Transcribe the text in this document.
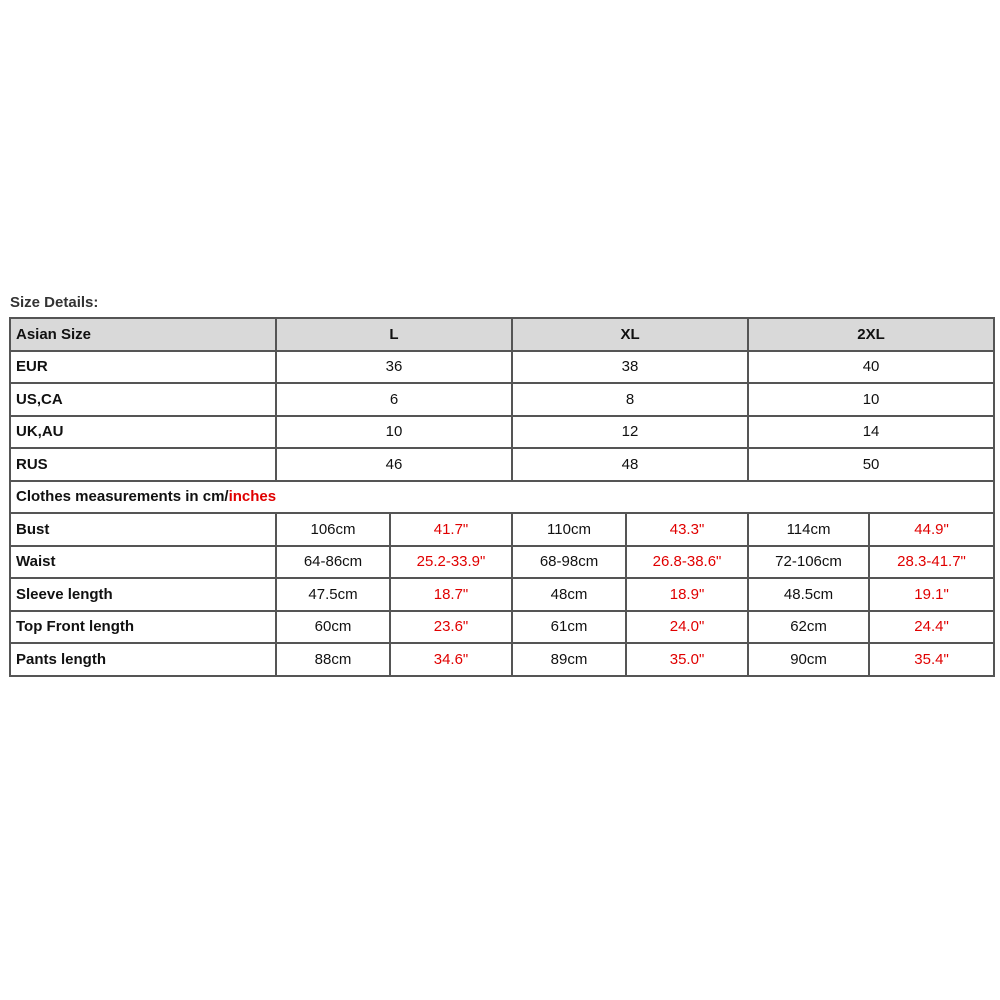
Size Details:
Asian Size	L		XL		2XL	
EUR	36		38		40	
US,CA	6		8		10	
UK,AU	10		12		14	
RUS	46		48		50	
Clothes measurements in cm/inches						
Bust	106cm	41.7"	110cm	43.3"	114cm	44.9"
Waist	64-86cm	25.2-33.9"	68-98cm	26.8-38.6"	72-106cm	28.3-41.7"
Sleeve length	47.5cm	18.7"	48cm	18.9"	48.5cm	19.1"
Top Front length	60cm	23.6"	61cm	24.0"	62cm	24.4"
Pants length	88cm	34.6"	89cm	35.0"	90cm	35.4"
